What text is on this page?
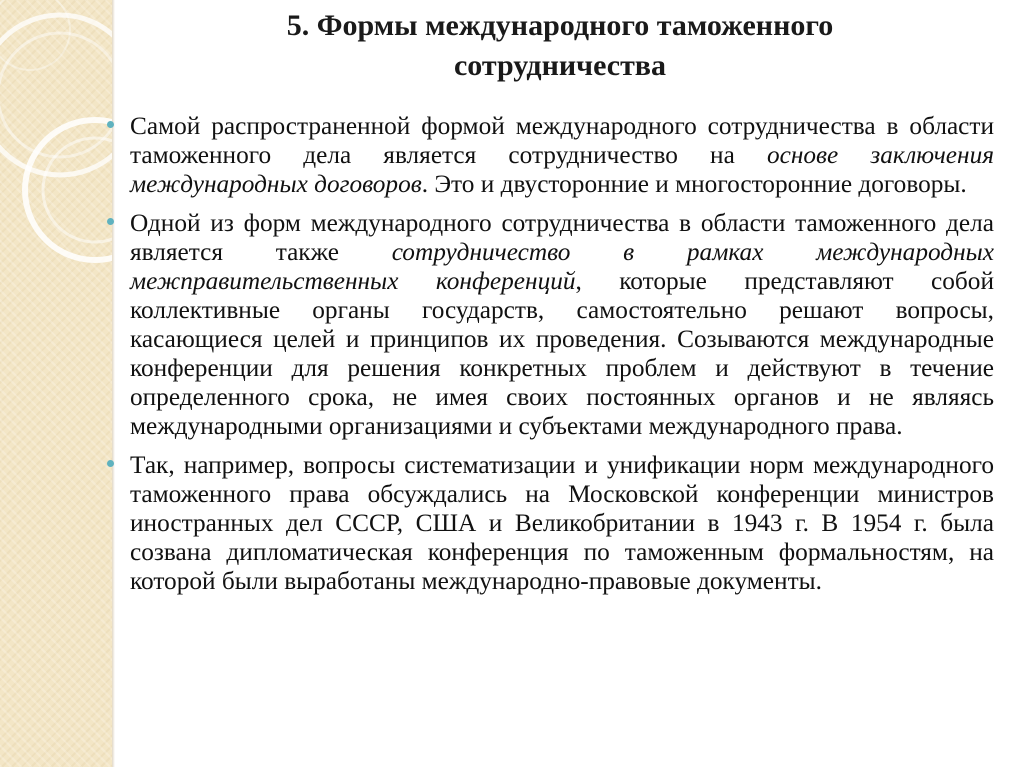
5. Формы международного таможенного
сотрудничества

Самой распространенной формой международного сотрудничества в области таможенного дела является сотрудничество на основе заключения международных договоров. Это и двусторонние и многосторонние договоры.

Одной из форм международного сотрудничества в области таможенного дела является также сотрудничество в рамках международных межправительственных конференций, которые представляют собой коллективные органы государств, самостоятельно решают вопросы, касающиеся целей и принципов их проведения. Созываются международные конференции для решения конкретных проблем и действуют в течение определенного срока, не имея своих постоянных органов и не являясь международными организациями и субъектами международного права.

Так, например, вопросы систематизации и унификации норм международного таможенного права обсуждались на Московской конференции министров иностранных дел СССР, США и Великобритании в 1943 г. В 1954 г. была созвана дипломатическая конференция по таможенным формальностям, на которой были выработаны международно-правовые документы.
